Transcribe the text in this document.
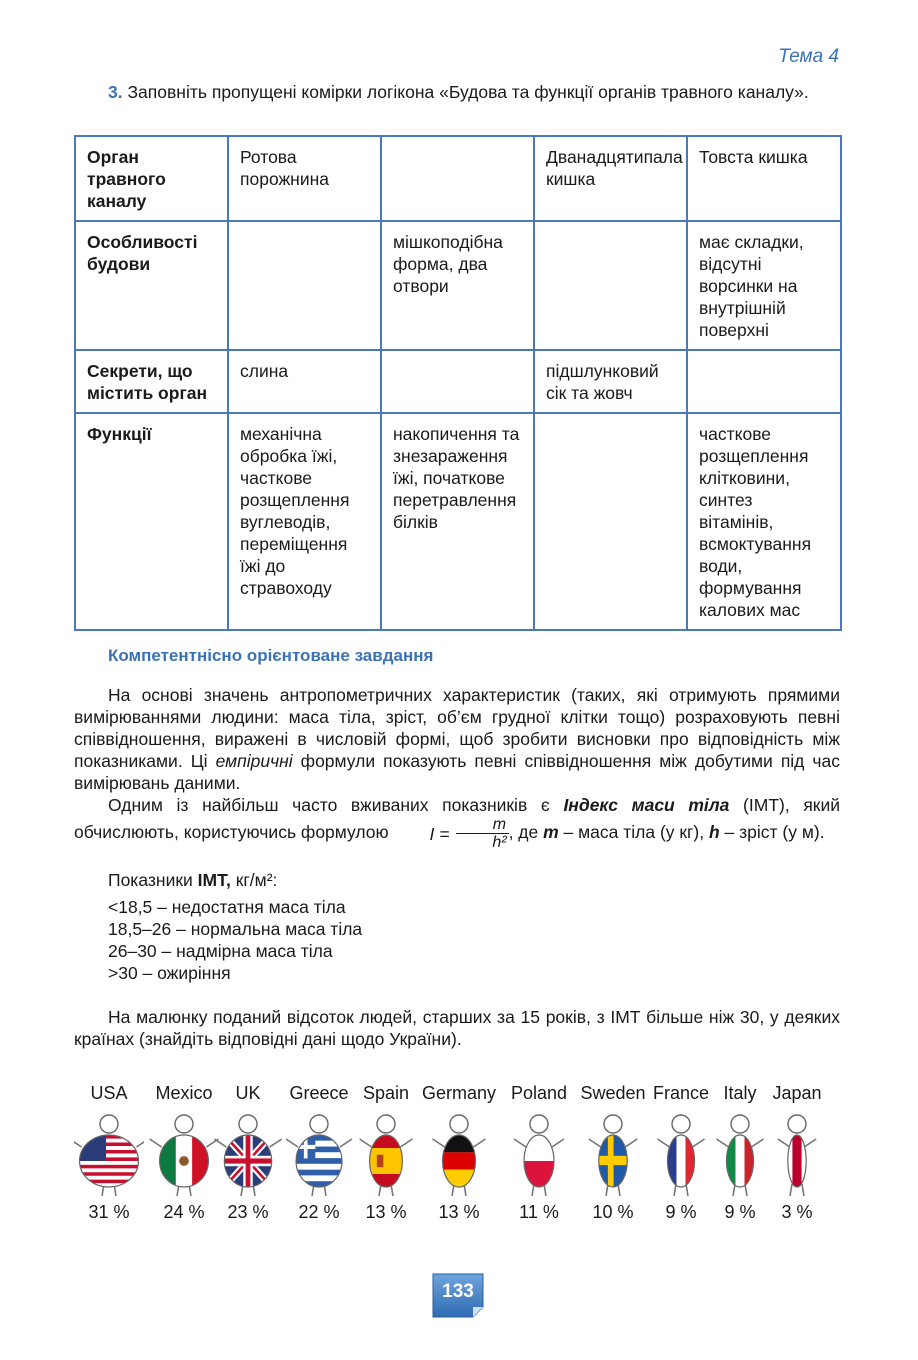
Тема 4
3. Заповніть пропущені комірки логікона «Будова та функції органів травного каналу».
Орган травного каналу	Ротова порожнина		Дванадцятипала кишка	Товста кишка
Особливості будови		мішкоподібна форма, два отвори		має складки, відсутні ворсинки на внутрішній поверхні
Секрети, що містить орган	слина		підшлунковий сік та жовч	
Функції	механічна обробка їжі, часткове розщеплення вуглеводів, переміщення їжі до стравоходу	накопичення та знезараження їжі, початкове перетравлення білків		часткове розщеплення клітковини, синтез вітамінів, всмоктування води, формування калових мас
Компетентнісно орієнтоване завдання
На основі значень антропометричних характеристик (таких, які отримують прямими вимірюваннями людини: маса тіла, зріст, об’єм грудної клітки тощо) розраховують певні співвідношення, виражені в числовій формі, щоб зробити висновки про відповідність між показниками. Ці емпіричні формули показують певні співвідношення між добутими під час вимірювань даними.
Одним із найбільш часто вживаних показників є Індекс маси тіла (ІМТ), який обчислюють, користуючись формулою $I = \frac{m}{\text{h²}}$ , де m – маса тіла (у кг), h – зріст (у м).
Показники ІМТ, кг/м²:
<18,5 – недостатня маса тіла
18,5–26 – нормальна маса тіла
26–30 – надмірна маса тіла
>30 – ожиріння
На малюнку поданий відсоток людей, старших за 15 років, з ІМТ більше ніж 30, у деяких країнах (знайдіть відповідні дані щодо України).
USA
31 %
Mexico
24 %
UK
23 %
Greece
22 %
Spain
13 %
Germany
13 %
Poland
11 %
Sweden
10 %
France
9 %
Italy
9 %
Japan
3 %
133
